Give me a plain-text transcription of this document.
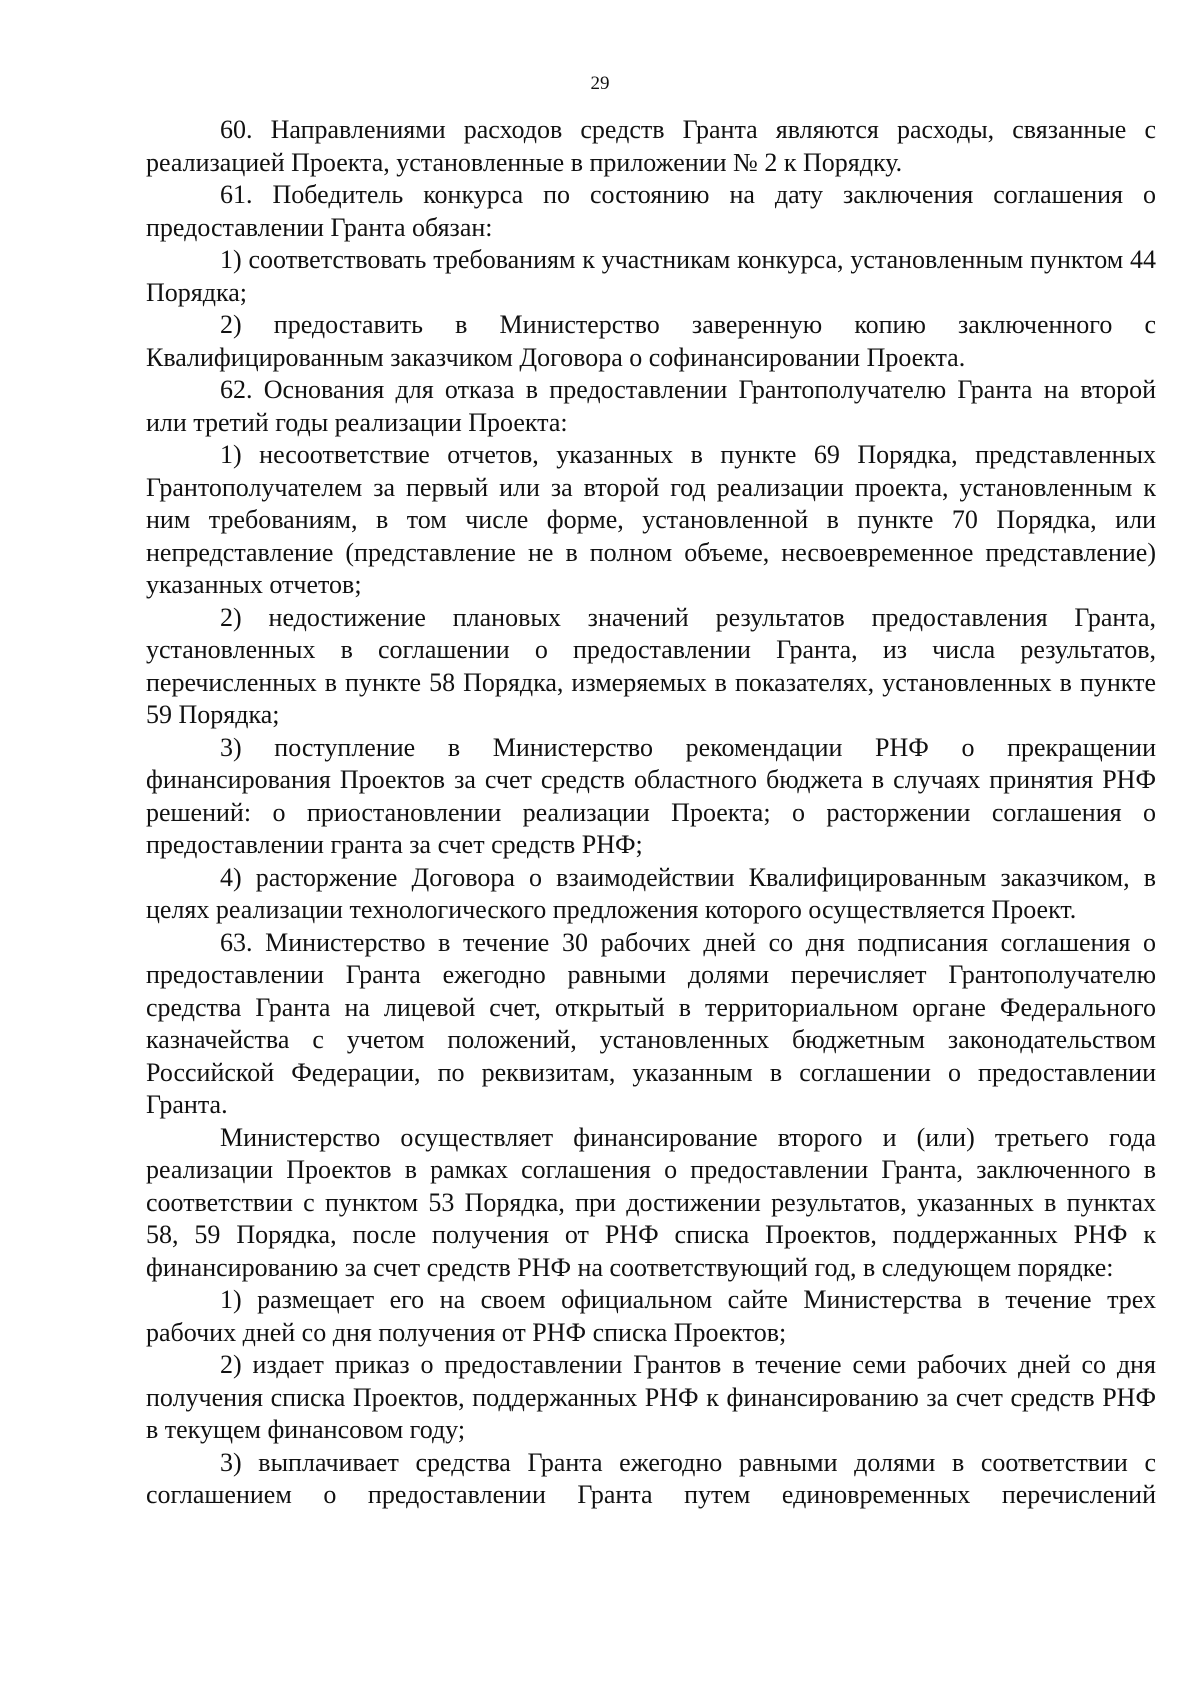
29

60. Направлениями расходов средств Гранта являются расходы, связанные с реализацией Проекта, установленные в приложении № 2 к Порядку.

61. Победитель конкурса по состоянию на дату заключения соглашения о предоставлении Гранта обязан:

1) соответствовать требованиям к участникам конкурса, установленным пунктом 44 Порядка;

2) предоставить в Министерство заверенную копию заключенного с Квалифицированным заказчиком Договора о софинансировании Проекта.

62. Основания для отказа в предоставлении Грантополучателю Гранта на второй или третий годы реализации Проекта:

1) несоответствие отчетов, указанных в пункте 69 Порядка, представленных Грантополучателем за первый или за второй год реализации проекта, установленным к ним требованиям, в том числе форме, установленной в пункте 70 Порядка, или непредставление (представление не в полном объеме, несвоевременное представление) указанных отчетов;

2) недостижение плановых значений результатов предоставления Гранта, установленных в соглашении о предоставлении Гранта, из числа результатов, перечисленных в пункте 58 Порядка, измеряемых в показателях, установленных в пункте 59 Порядка;

3) поступление в Министерство рекомендации РНФ о прекращении финансирования Проектов за счет средств областного бюджета в случаях принятия РНФ решений: о приостановлении реализации Проекта; о расторжении соглашения о предоставлении гранта за счет средств РНФ;

4) расторжение Договора о взаимодействии Квалифицированным заказчиком, в целях реализации технологического предложения которого осуществляется Проект.

63. Министерство в течение 30 рабочих дней со дня подписания соглашения о предоставлении Гранта ежегодно равными долями перечисляет Грантополучателю средства Гранта на лицевой счет, открытый в территориальном органе Федерального казначейства с учетом положений, установленных бюджетным законодательством Российской Федерации, по реквизитам, указанным в соглашении о предоставлении Гранта.

Министерство осуществляет финансирование второго и (или) третьего года реализации Проектов в рамках соглашения о предоставлении Гранта, заключенного в соответствии с пунктом 53 Порядка, при достижении результатов, указанных в пунктах 58, 59 Порядка, после получения от РНФ списка Проектов, поддержанных РНФ к финансированию за счет средств РНФ на соответствующий год, в следующем порядке:

1) размещает его на своем официальном сайте Министерства в течение трех рабочих дней со дня получения от РНФ списка Проектов;

2) издает приказ о предоставлении Грантов в течение семи рабочих дней со дня получения списка Проектов, поддержанных РНФ к финансированию за счет средств РНФ в текущем финансовом году;

3) выплачивает средства Гранта ежегодно равными долями в соответствии с соглашением о предоставлении Гранта путем единовременных перечислений
